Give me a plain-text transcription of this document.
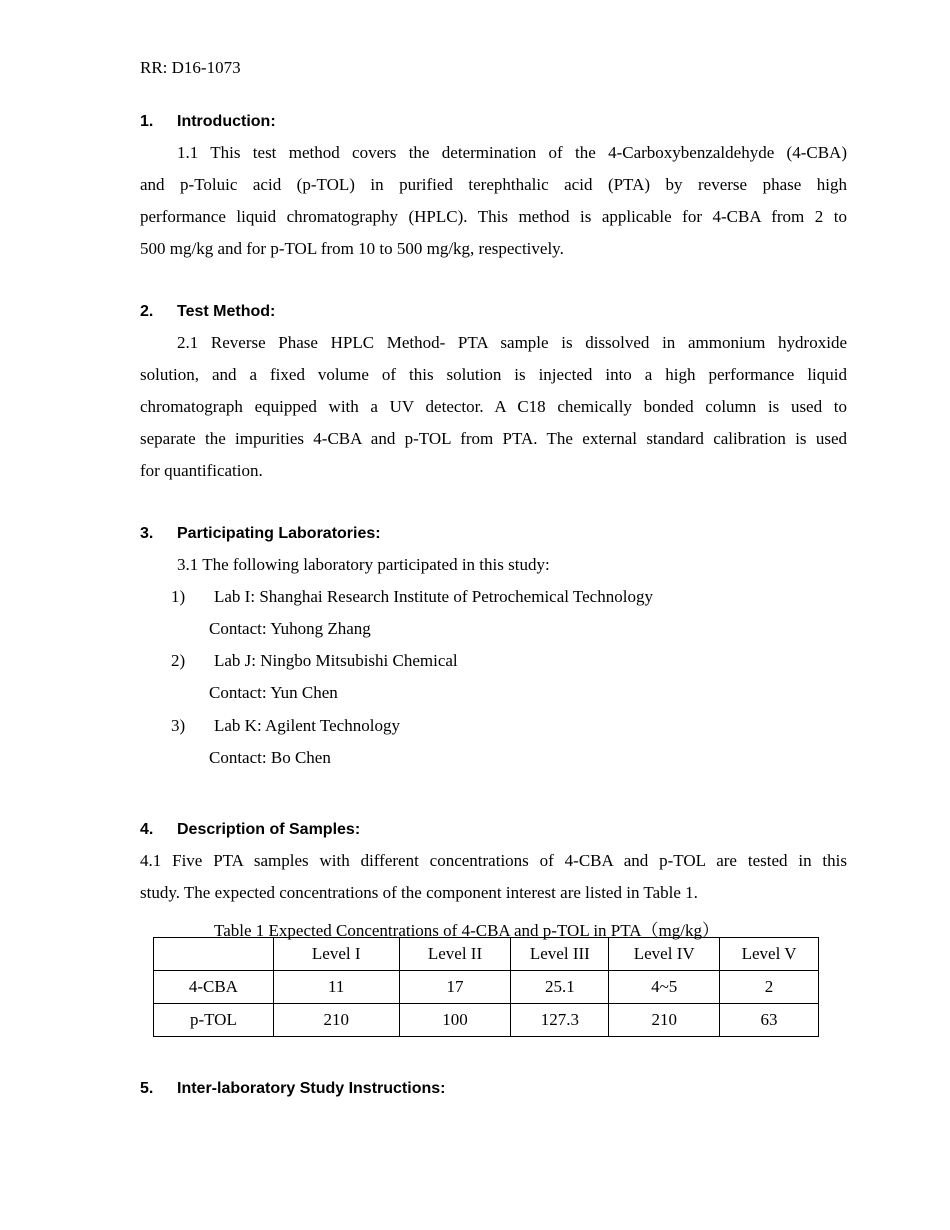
RR: D16-1073
1. Introduction:
1.1 This test method covers the determination of the 4-Carboxybenzaldehyde (4-CBA)
and p-Toluic acid (p-TOL) in purified terephthalic acid (PTA) by reverse phase high
performance liquid chromatography (HPLC). This method is applicable for 4-CBA from 2 to
500 mg/kg and for p-TOL from 10 to 500 mg/kg, respectively.
2. Test Method:
2.1 Reverse Phase HPLC Method- PTA sample is dissolved in ammonium hydroxide
solution, and a fixed volume of this solution is injected into a high performance liquid
chromatograph equipped with a UV detector. A C18 chemically bonded column is used to
separate the impurities 4-CBA and p-TOL from PTA. The external standard calibration is used
for quantification.
3. Participating Laboratories:
3.1 The following laboratory participated in this study:
1) Lab I: Shanghai Research Institute of Petrochemical Technology
Contact: Yuhong Zhang
2) Lab J: Ningbo Mitsubishi Chemical
Contact: Yun Chen
3) Lab K: Agilent Technology
Contact: Bo Chen
4. Description of Samples:
4.1 Five PTA samples with different concentrations of 4-CBA and p-TOL are tested in this
study. The expected concentrations of the component interest are listed in Table 1.
Table 1 Expected Concentrations of 4-CBA and p-TOL in PTA（mg/kg）
	Level I	Level II	Level III	Level IV	Level V
4-CBA	11	17	25.1	4~5	2
p-TOL	210	100	127.3	210	63
5. Inter-laboratory Study Instructions:
